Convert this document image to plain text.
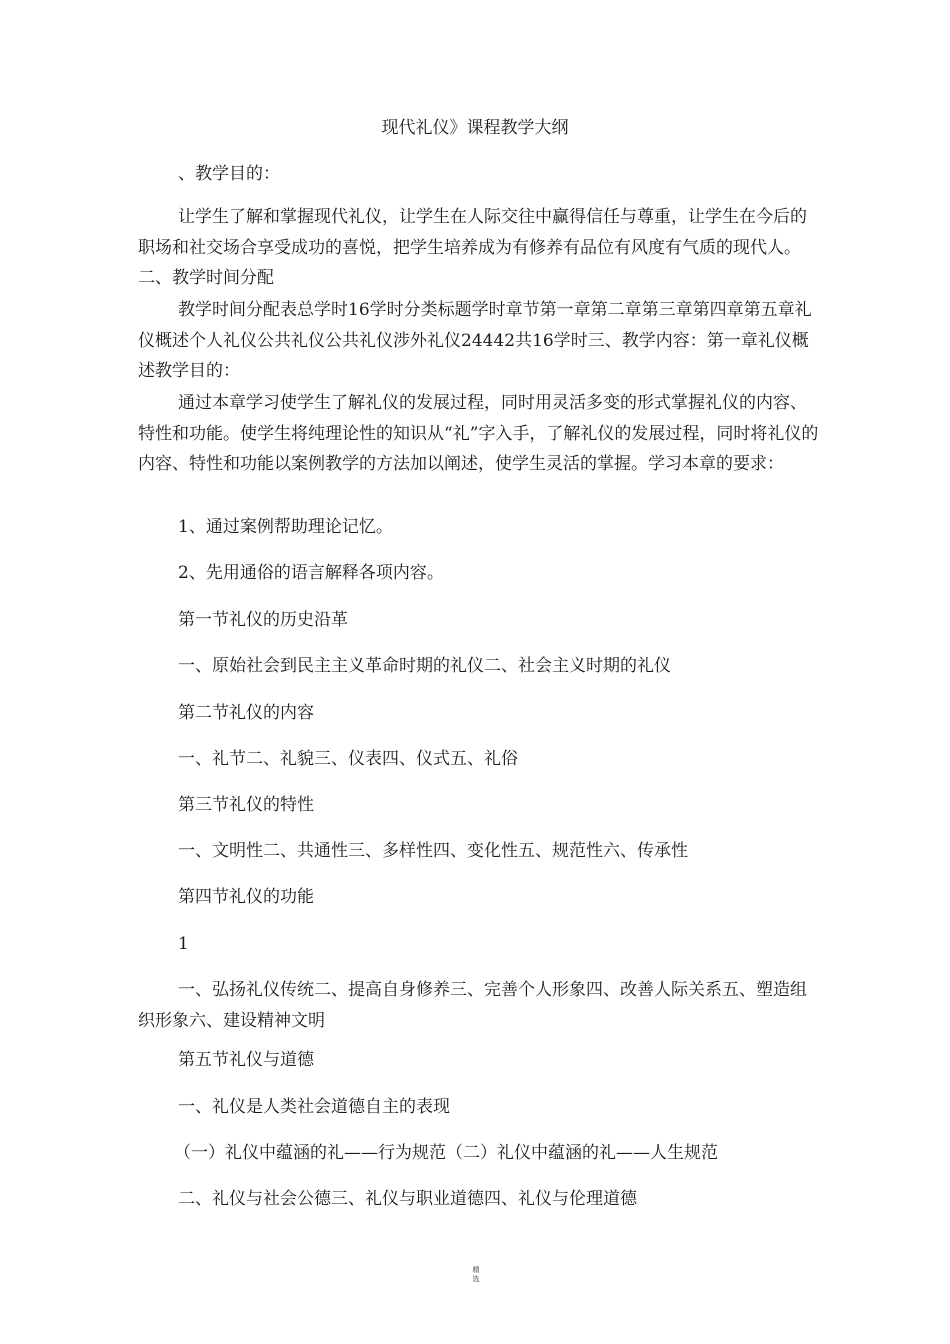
现代礼仪》课程教学大纲
、教学目的：
让学生了解和掌握现代礼仪，让学生在人际交往中赢得信任与尊重，让学生在今后的职场和社交场合享受成功的喜悦，把学生培养成为有修养有品位有风度有气质的现代人。二、教学时间分配
教学时间分配表总学时16学时分类标题学时章节第一章第二章第三章第四章第五章礼仪概述个人礼仪公共礼仪公共礼仪涉外礼仪24442共16学时三、教学内容：第一章礼仪概述教学目的：
通过本章学习使学生了解礼仪的发展过程，同时用灵活多变的形式掌握礼仪的内容、特性和功能。使学生将纯理论性的知识从“礼”字入手，了解礼仪的发展过程，同时将礼仪的内容、特性和功能以案例教学的方法加以阐述，使学生灵活的掌握。学习本章的要求：
1、通过案例帮助理论记忆。
2、先用通俗的语言解释各项内容。
第一节礼仪的历史沿革
一、原始社会到民主主义革命时期的礼仪二、社会主义时期的礼仪
第二节礼仪的内容
一、礼节二、礼貌三、仪表四、仪式五、礼俗
第三节礼仪的特性
一、文明性二、共通性三、多样性四、变化性五、规范性六、传承性
第四节礼仪的功能
1
一、弘扬礼仪传统二、提高自身修养三、完善个人形象四、改善人际关系五、塑造组织形象六、建设精神文明
第五节礼仪与道德
一、礼仪是人类社会道德自主的表现
（一）礼仪中蕴涵的礼——行为规范（二）礼仪中蕴涵的礼——人生规范
二、礼仪与社会公德三、礼仪与职业道德四、礼仪与伦理道德
精
选
